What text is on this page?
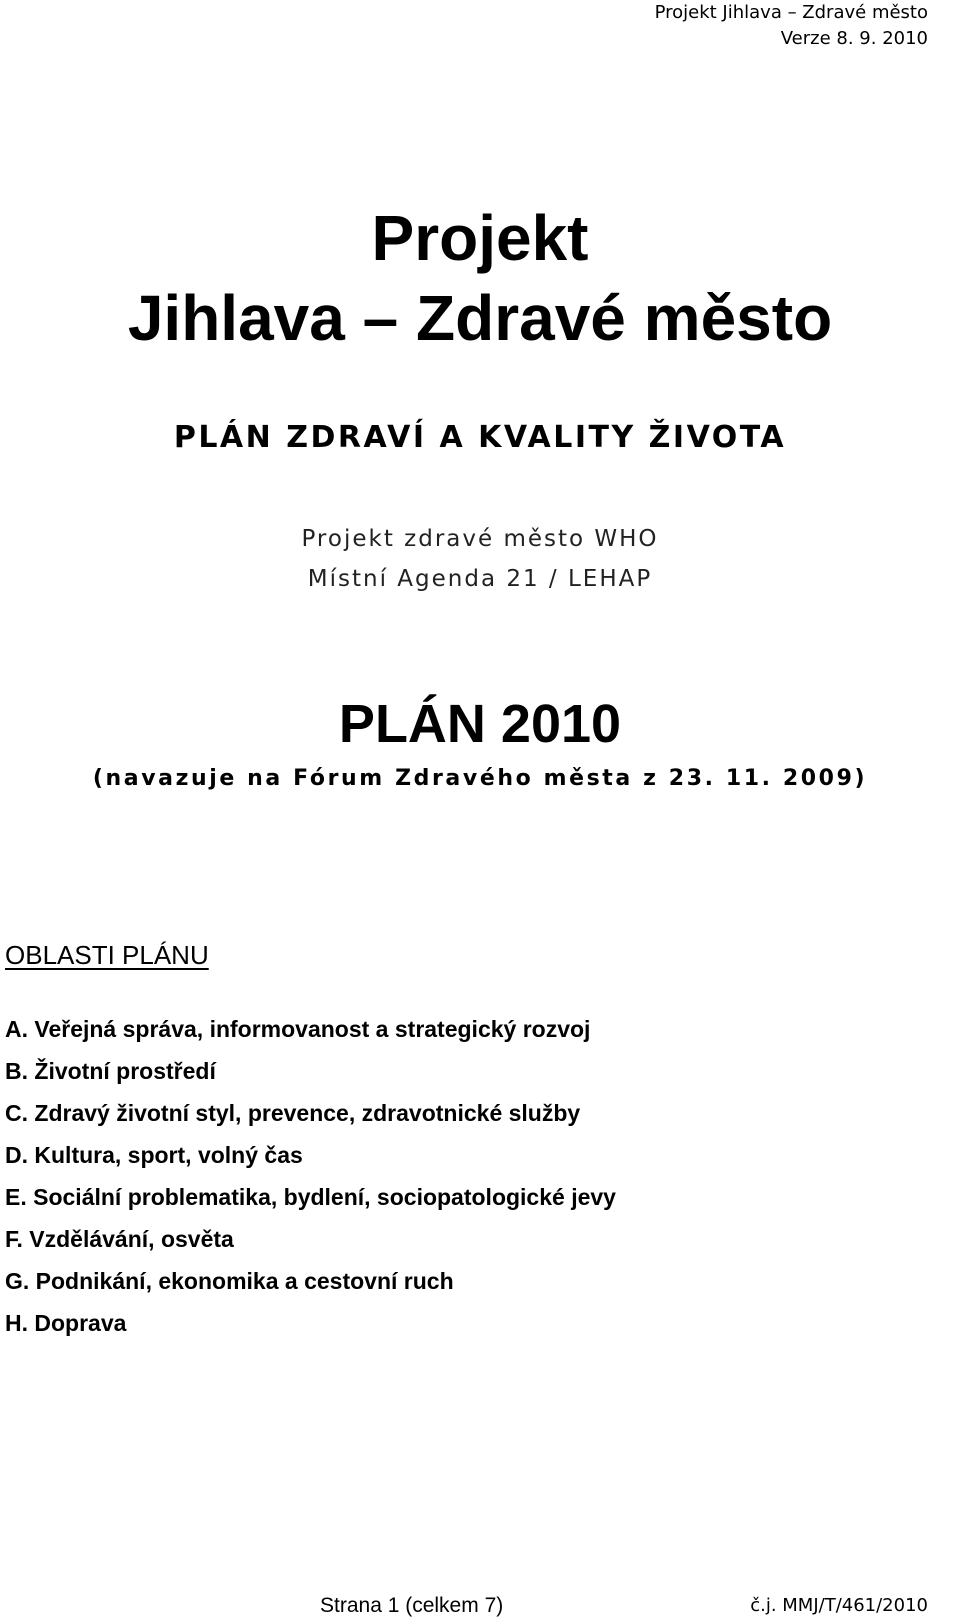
Projekt Jihlava – Zdravé město
Verze 8. 9. 2010
Projekt
Jihlava – Zdravé město
PLÁN ZDRAVÍ A KVALITY ŽIVOTA
Projekt zdravé město WHO
Místní Agenda 21 / LEHAP
PLÁN 2010
(navazuje na Fórum Zdravého města z 23. 11. 2009)
OBLASTI PLÁNU
A. Veřejná správa, informovanost a strategický rozvoj
B. Životní prostředí
C. Zdravý životní styl, prevence, zdravotnické služby
D. Kultura, sport, volný čas
E. Sociální problematika, bydlení, sociopatologické jevy
F. Vzdělávání, osvěta
G. Podnikání, ekonomika a cestovní ruch
H. Doprava
Strana 1 (celkem 7)	č.j. MMJ/T/461/2010
